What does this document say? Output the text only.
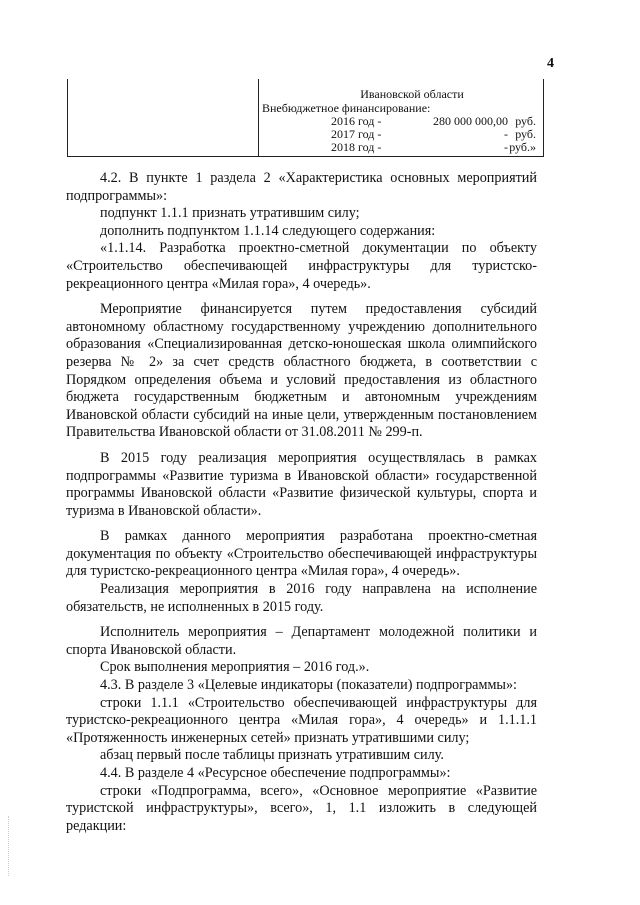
4
Ивановской области
Внебюджетное финансирование:
2016 год -	280 000 000,00 руб.
2017 год -	- руб.
2018 год -	- руб.»

4.2. В пункте 1 раздела 2 «Характеристика основных мероприятий подпрограммы»:

подпункт 1.1.1 признать утратившим силу;

дополнить подпунктом 1.1.14 следующего содержания:

«1.1.14. Разработка проектно-сметной документации по объекту «Строительство обеспечивающей инфраструктуры для туристско-рекреационного центра «Милая гора», 4 очередь».

Мероприятие финансируется путем предоставления субсидий автономному областному государственному учреждению дополнительного образования «Специализированная детско-юношеская школа олимпийского резерва № 2» за счет средств областного бюджета, в соответствии с Порядком определения объема и условий предоставления из областного бюджета государственным бюджетным и автономным учреждениям Ивановской области субсидий на иные цели, утвержденным постановлением Правительства Ивановской области от 31.08.2011 № 299-п.

В 2015 году реализация мероприятия осуществлялась в рамках подпрограммы «Развитие туризма в Ивановской области» государственной программы Ивановской области «Развитие физической культуры, спорта и туризма в Ивановской области».

В рамках данного мероприятия разработана проектно-сметная документация по объекту «Строительство обеспечивающей инфраструктуры для туристско-рекреационного центра «Милая гора», 4 очередь».

Реализация мероприятия в 2016 году направлена на исполнение обязательств, не исполненных в 2015 году.

Исполнитель мероприятия – Департамент молодежной политики и спорта Ивановской области.

Срок выполнения мероприятия – 2016 год.».

4.3. В разделе 3 «Целевые индикаторы (показатели) подпрограммы»:

строки 1.1.1 «Строительство обеспечивающей инфраструктуры для туристско-рекреационного центра «Милая гора», 4 очередь» и 1.1.1.1 «Протяженность инженерных сетей» признать утратившими силу;

абзац первый после таблицы признать утратившим силу.

4.4. В разделе 4 «Ресурсное обеспечение подпрограммы»:

строки «Подпрограмма, всего», «Основное мероприятие «Развитие туристской инфраструктуры», всего», 1, 1.1 изложить в следующей редакции:
